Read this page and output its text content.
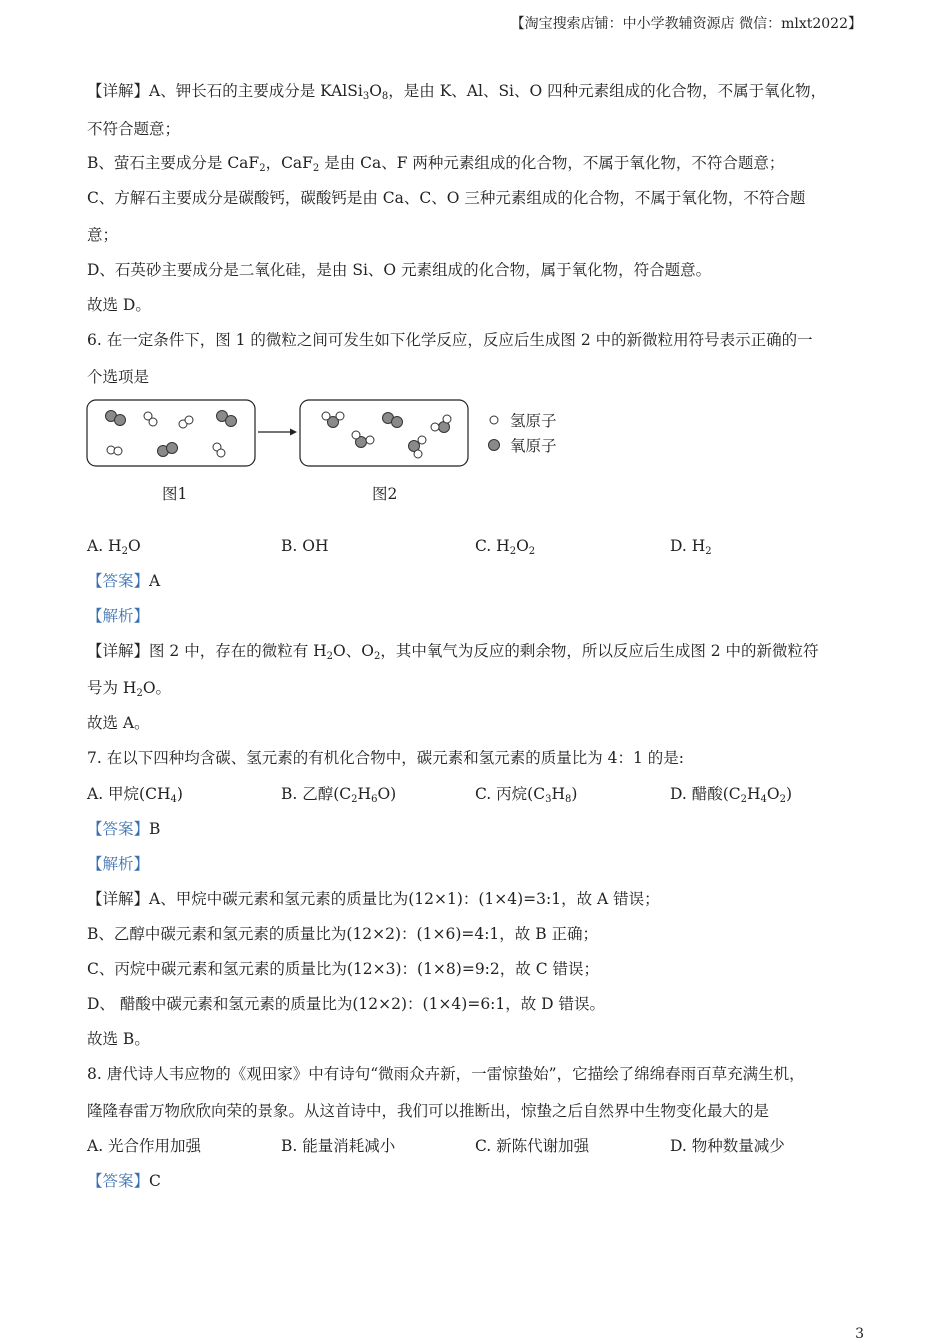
【淘宝搜索店铺：中小学教辅资源店 微信：mlxt2022】
【详解】A、钾长石的主要成分是 $KAlSi_3O_8$，是由 K、Al、Si、O 四种元素组成的化合物，不属于氧化物，
不符合题意；
B、萤石主要成分是 CaF$_2$，CaF$_2$ 是由 Ca、F 两种元素组成的化合物，不属于氧化物，不符合题意；
C、方解石主要成分是碳酸钙，碳酸钙是由 Ca、C、O 三种元素组成的化合物，不属于氧化物，不符合题
意；
D、石英砂主要成分是二氧化硅，是由 Si、O 元素组成的化合物，属于氧化物，符合题意。
故选 D。
6. 在一定条件下，图 1 的微粒之间可发生如下化学反应，反应后生成图 2 中的新微粒用符号表示正确的一
个选项是
氢原子
氧原子
图1	图2
A. $H_2O$	B. OH	C. $H_2O_2$	D. $H_2$
【答案】A
【解析】
【详解】图 2 中，存在的微粒有 $H_2O$、$O_2$，其中氧气为反应的剩余物，所以反应后生成图 2 中的新微粒符
号为 $H_2O$。
故选 A。
7. 在以下四种均含碳、氢元素的有机化合物中，碳元素和氢元素的质量比为 4：1 的是:
A. 甲烷$(CH_4)$	B. 乙醇$(C_2H_6O)$	C. 丙烷$(C_3H_8)$	D. 醋酸$(C_2H_4O_2)$
【答案】B
【解析】
【详解】A、甲烷中碳元素和氢元素的质量比为(12×1)：(1×4)=3:1，故 A 错误；
B、乙醇中碳元素和氢元素的质量比为(12×2)：(1×6)=4:1，故 B 正确；
C、丙烷中碳元素和氢元素的质量比为(12×3)：(1×8)=9:2，故 C 错误；
D、 醋酸中碳元素和氢元素的质量比为(12×2)：(1×4)=6:1，故 D 错误。
故选 B。
8. 唐代诗人韦应物的《观田家》中有诗句“微雨众卉新，一雷惊蛰始”，它描绘了绵绵春雨百草充满生机，
隆隆春雷万物欣欣向荣的景象。从这首诗中，我们可以推断出，惊蛰之后自然界中生物变化最大的是
A. 光合作用加强	B. 能量消耗减小	C. 新陈代谢加强	D. 物种数量减少
【答案】C
3
